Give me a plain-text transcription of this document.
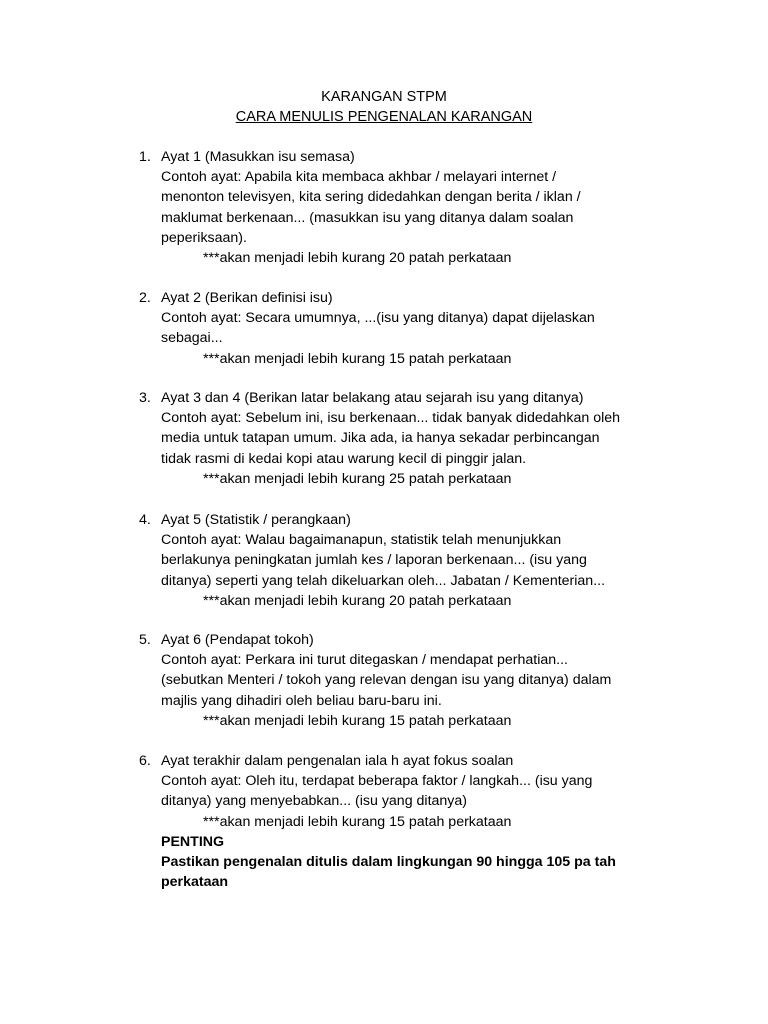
KARANGAN STPM
CARA MENULIS PENGENALAN KARANGAN
1. Ayat 1 (Masukkan isu semasa)
Contoh ayat: Apabila kita membaca akhbar / melayari internet /
menonton televisyen, kita sering didedahkan dengan berita / iklan /
maklumat berkenaan... (masukkan isu yang ditanya dalam soalan
peperiksaan).
***akan menjadi lebih kurang 20 patah perkataan
2. Ayat 2 (Berikan definisi isu)
Contoh ayat: Secara umumnya, ...(isu yang ditanya) dapat dijelaskan
sebagai...
***akan menjadi lebih kurang 15 patah perkataan
3. Ayat 3 dan 4 (Berikan latar belakang atau sejarah isu yang ditanya)
Contoh ayat: Sebelum ini, isu berkenaan... tidak banyak didedahkan oleh
media untuk tatapan umum. Jika ada, ia hanya sekadar perbincangan
tidak rasmi di kedai kopi atau warung kecil di pinggir jalan.
***akan menjadi lebih kurang 25 patah perkataan
4. Ayat 5 (Statistik / perangkaan)
Contoh ayat: Walau bagaimanapun, statistik telah menunjukkan
berlakunya peningkatan jumlah kes / laporan berkenaan... (isu yang
ditanya) seperti yang telah dikeluarkan oleh... Jabatan / Kementerian...
***akan menjadi lebih kurang 20 patah perkataan
5. Ayat 6 (Pendapat tokoh)
Contoh ayat: Perkara ini turut ditegaskan / mendapat perhatian...
(sebutkan Menteri / tokoh yang relevan dengan isu yang ditanya) dalam
majlis yang dihadiri oleh beliau baru-baru ini.
***akan menjadi lebih kurang 15 patah perkataan
6. Ayat terakhir dalam pengenalan iala h ayat fokus soalan
Contoh ayat: Oleh itu, terdapat beberapa faktor / langkah... (isu yang
ditanya) yang menyebabkan... (isu yang ditanya)
***akan menjadi lebih kurang 15 patah perkataan
PENTING
Pastikan pengenalan ditulis dalam lingkungan 90 hingga 105 pa tah
perkataan
